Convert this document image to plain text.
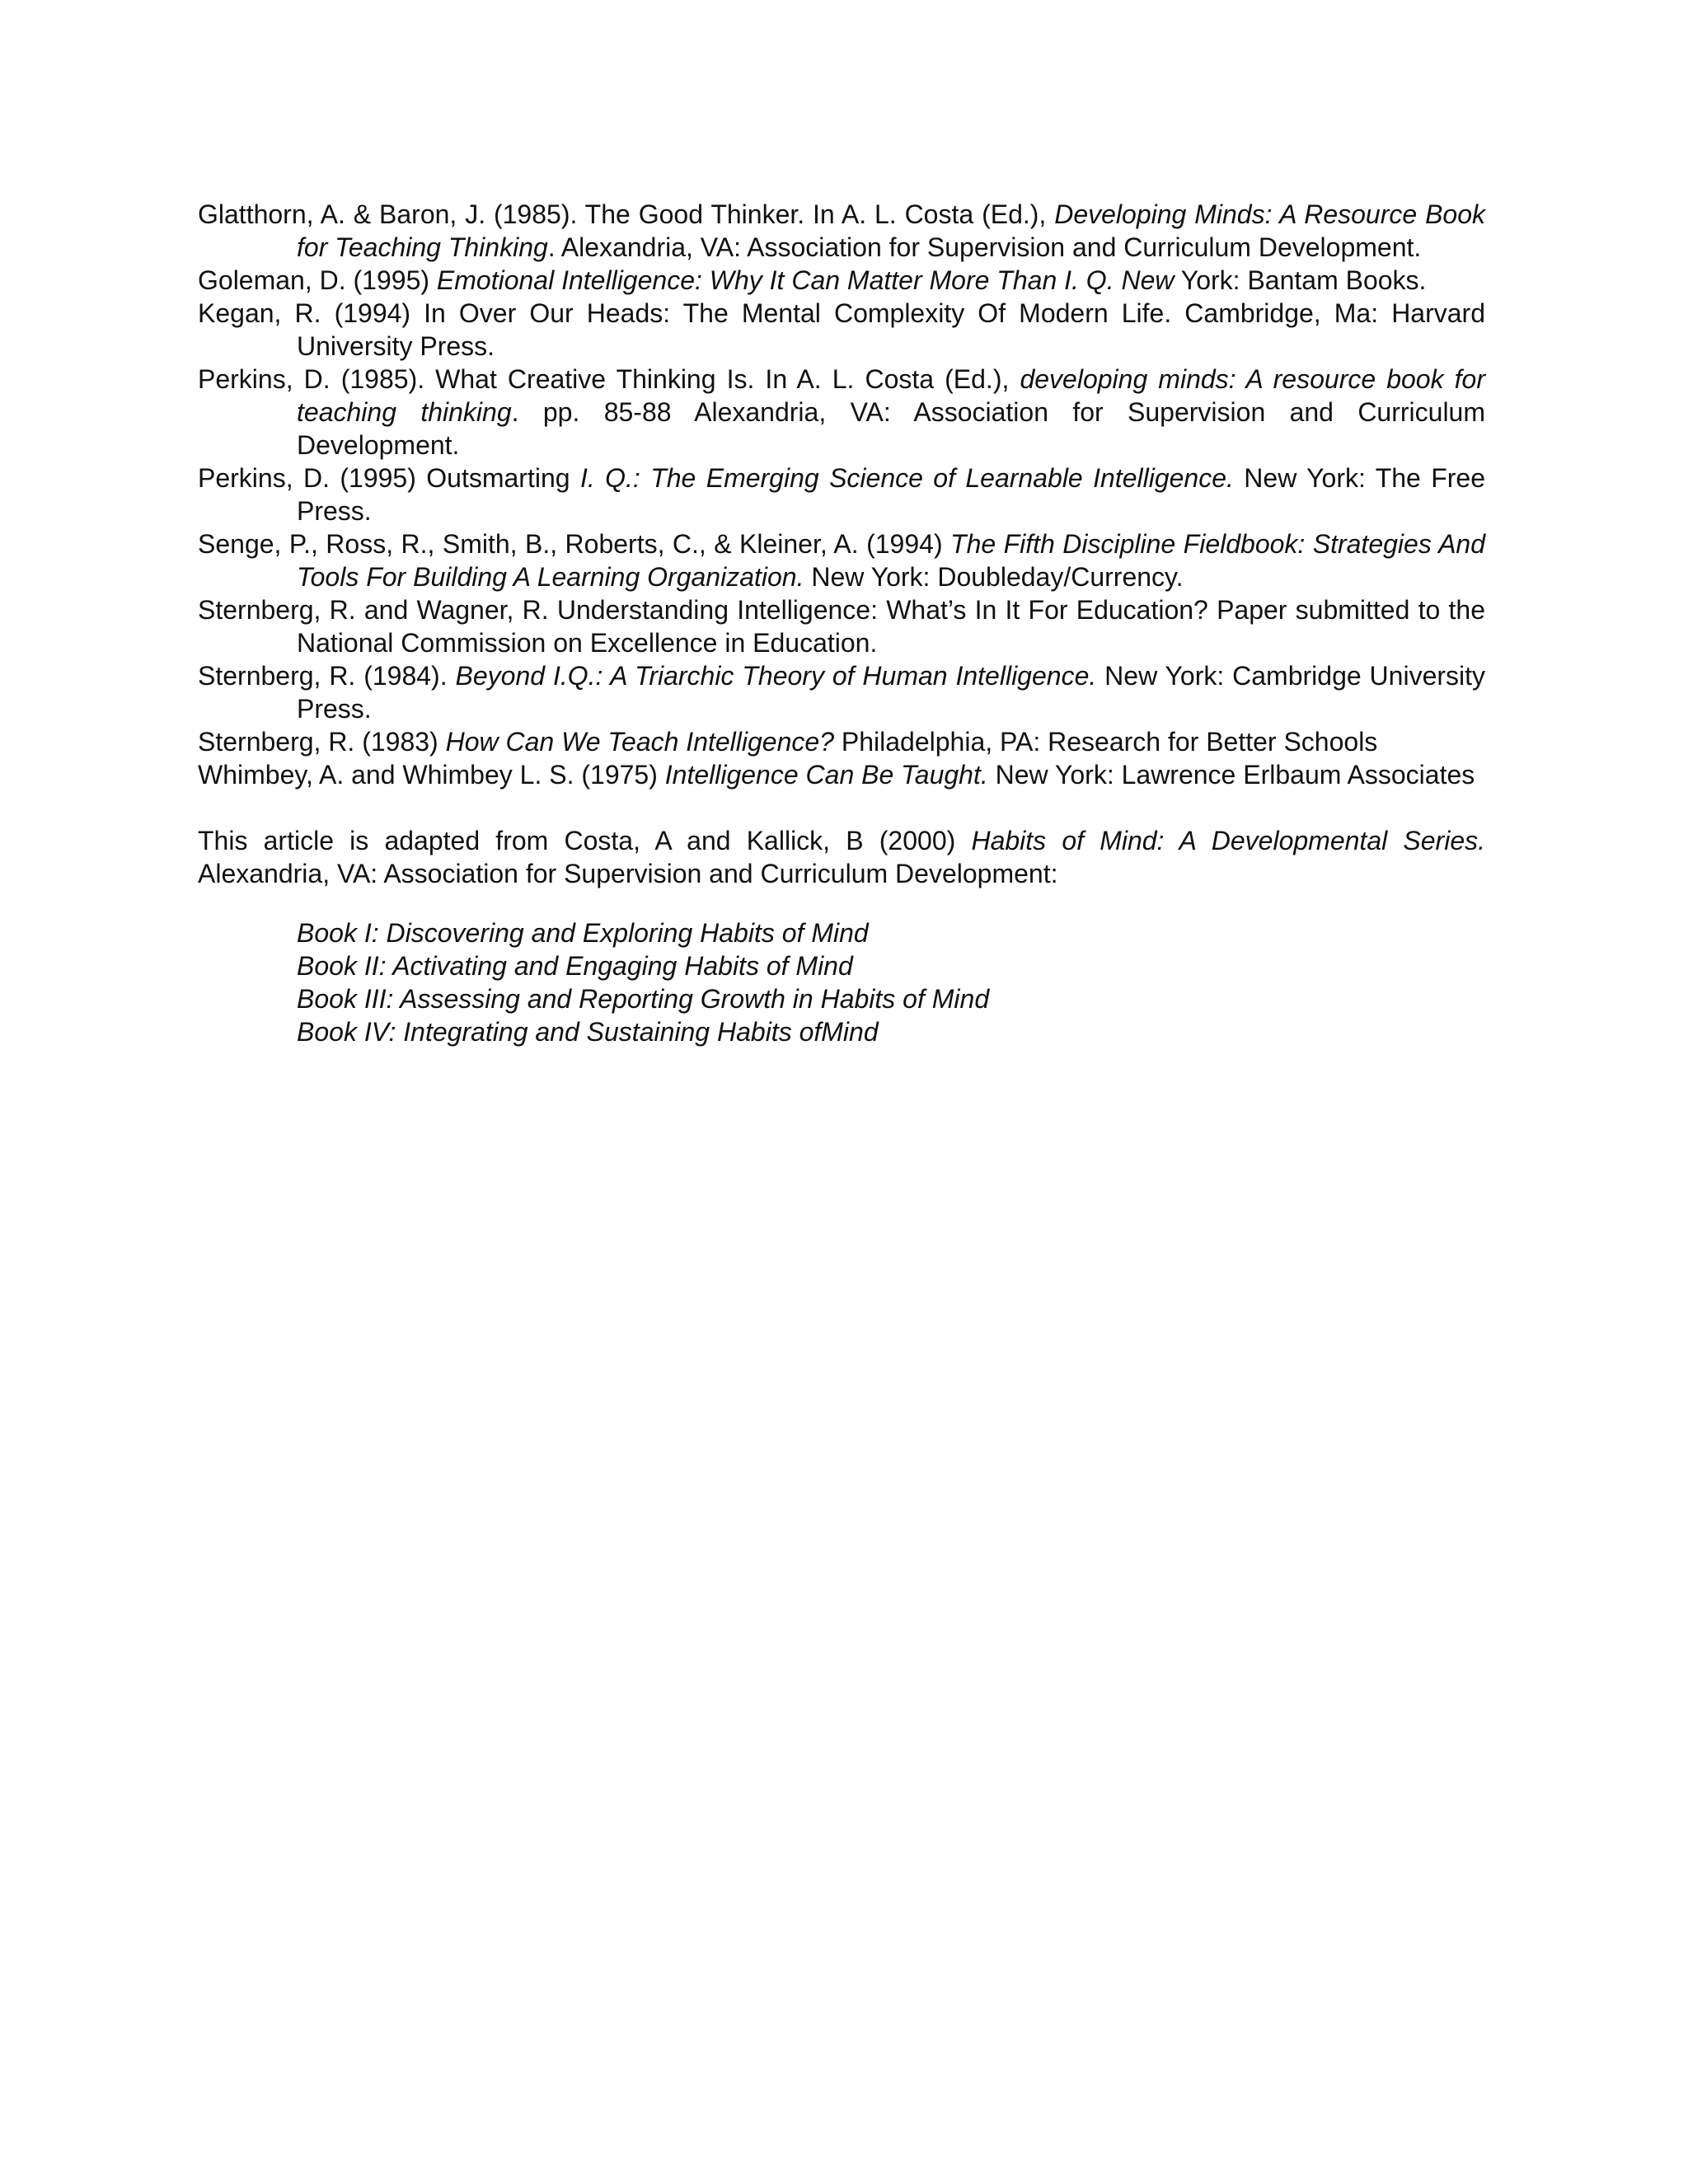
Glatthorn, A. & Baron, J. (1985). The Good Thinker. In A. L. Costa (Ed.), Developing Minds: A Resource Book for Teaching Thinking. Alexandria, VA: Association for Supervision and Curriculum Development.

Goleman, D. (1995) Emotional Intelligence: Why It Can Matter More Than I. Q. New York: Bantam Books.

Kegan, R. (1994) In Over Our Heads: The Mental Complexity Of Modern Life. Cambridge, Ma: Harvard University Press.

Perkins, D. (1985). What Creative Thinking Is. In A. L. Costa (Ed.), developing minds: A resource book for teaching thinking. pp. 85-88 Alexandria, VA: Association for Supervision and Curriculum Development.

Perkins, D. (1995) Outsmarting I. Q.: The Emerging Science of Learnable Intelligence. New York: The Free Press.

Senge, P., Ross, R., Smith, B., Roberts, C., & Kleiner, A. (1994) The Fifth Discipline Fieldbook: Strategies And Tools For Building A Learning Organization. New York: Doubleday/Currency.

Sternberg, R. and Wagner, R. Understanding Intelligence: What’s In It For Education? Paper submitted to the National Commission on Excellence in Education.

Sternberg, R. (1984). Beyond I.Q.: A Triarchic Theory of Human Intelligence. New York: Cambridge University Press.

Sternberg, R. (1983) How Can We Teach Intelligence? Philadelphia, PA: Research for Better Schools

Whimbey, A. and Whimbey L. S. (1975) Intelligence Can Be Taught. New York: Lawrence Erlbaum Associates

This article is adapted from Costa, A and Kallick, B (2000) Habits of Mind: A Developmental Series. Alexandria, VA: Association for Supervision and Curriculum Development:

Book I: Discovering and Exploring Habits of Mind

Book II: Activating and Engaging Habits of Mind

Book III: Assessing and Reporting Growth in Habits of Mind

Book IV: Integrating and Sustaining Habits ofMind
